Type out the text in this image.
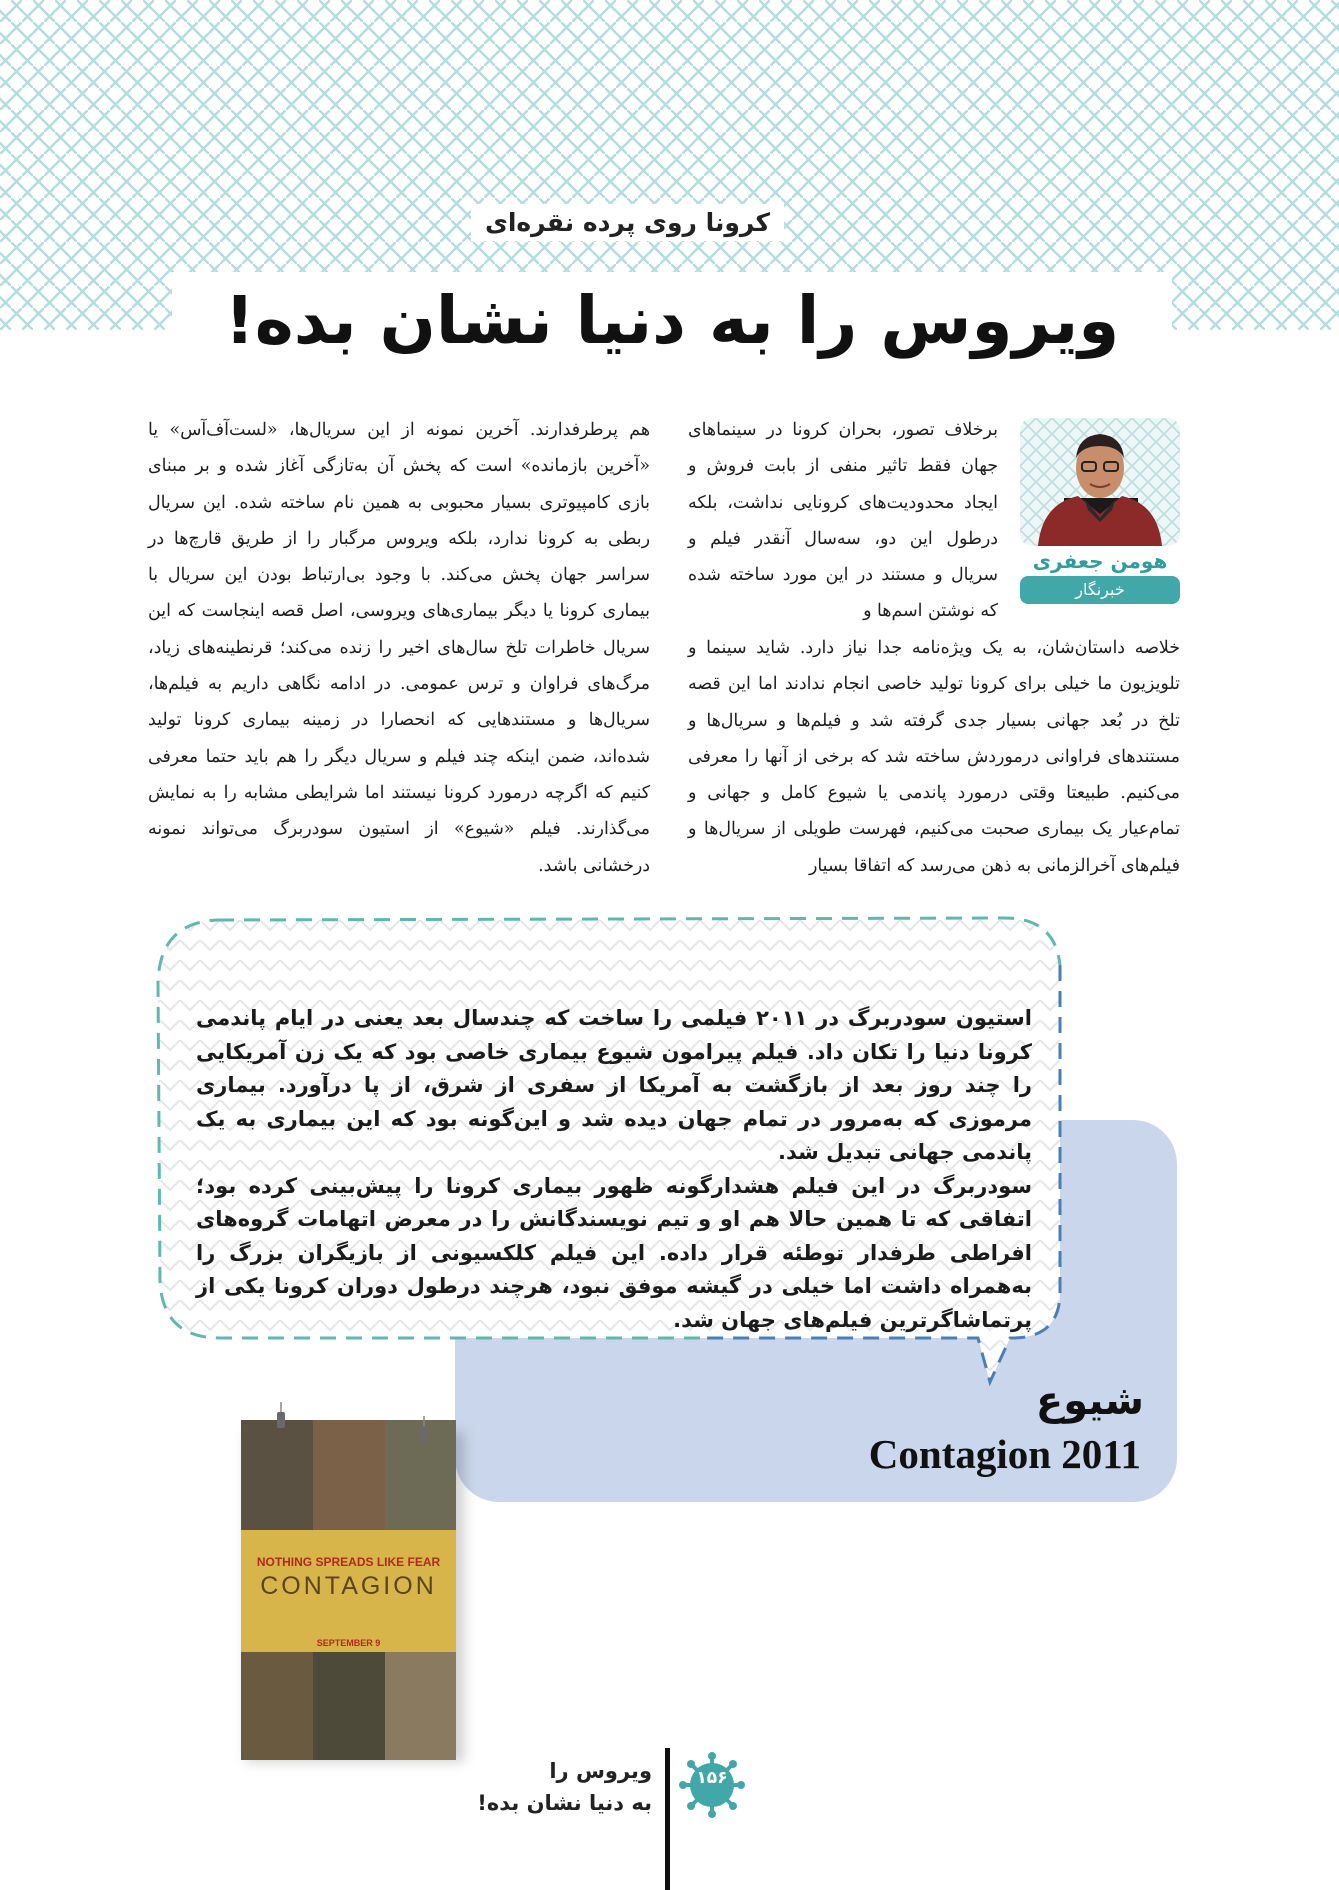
کرونا روی پرده نقره‌ای
ویروس را به دنیا نشان بده!
هومن جعفری
خبرنگار

برخلاف تصور، بحران کرونا در سینماهای جهان فقط تاثیر منفی از بابت فروش و ایجاد محدودیت‌های کرونایی نداشت، بلکه درطول این دو، سه‌سال آنقدر فیلم و سریال و مستند در این مورد ساخته شده که نوشتن اسم‌ها و

خلاصه داستان‌شان، به یک ویژه‌نامه جدا نیاز دارد. شاید سینما و تلویزیون ما خیلی برای کرونا تولید خاصی انجام ندادند اما این قصه تلخ در بُعد جهانی بسیار جدی گرفته شد و فیلم‌ها و سریال‌ها و مستندهای فراوانی درموردش ساخته شد که برخی از آنها را معرفی می‌کنیم. طبیعتا وقتی درمورد پاندمی یا شیوع کامل و جهانی و تمام‌عیار یک بیماری صحبت می‌کنیم، فهرست طویلی از سریال‌ها و فیلم‌های آخرالزمانی به ذهن می‌رسد که اتفاقا بسیار

هم پرطرفدارند. آخرین نمونه از این سریال‌ها، «لست‌آف‌آس» یا «آخرین بازمانده» است که پخش آن به‌تازگی آغاز شده و بر مبنای بازی کامپیوتری بسیار محبوبی به همین نام ساخته شده. این سریال ربطی به کرونا ندارد، بلکه ویروس مرگبار را از طریق قارچ‌ها در سراسر جهان پخش می‌کند. با وجود بی‌ارتباط بودن این سریال با بیماری کرونا یا دیگر بیماری‌های ویروسی، اصل قصه اینجاست که این سریال خاطرات تلخ سال‌های اخیر را زنده می‌کند؛ قرنطینه‌های زیاد، مرگ‌های فراوان و ترس عمومی. در ادامه نگاهی داریم به فیلم‌ها، سریال‌ها و مستندهایی که انحصارا در زمینه بیماری کرونا تولید شده‌اند، ضمن اینکه چند فیلم و سریال دیگر را هم باید حتما معرفی کنیم که اگرچه درمورد کرونا نیستند اما شرایطی مشابه را به نمایش می‌گذارند. فیلم «شیوع» از استیون سودربرگ می‌تواند نمونه درخشانی باشد.

استیون سودربرگ در ۲۰۱۱ فیلمی را ساخت که چندسال بعد یعنی در ایام پاندمی کرونا دنیا را تکان داد. فیلم پیرامون شیوع بیماری خاصی بود که یک زن آمریکایی را چند روز بعد از بازگشت به آمریکا از سفری از شرق، از پا درآورد. بیماری مرموزی که به‌مرور در تمام جهان دیده شد و این‌گونه بود که این بیماری به یک پاندمی جهانی تبدیل شد.

سودربرگ در این فیلم هشدارگونه ظهور بیماری کرونا را پیش‌بینی کرده بود؛ اتفاقی که تا همین حالا هم او و تیم نویسندگانش را در معرض اتهامات گروه‌های افراطی طرفدار توطئه قرار داده. این فیلم کلکسیونی از بازیگران بزرگ را به‌همراه داشت اما خیلی در گیشه موفق نبود، هرچند درطول دوران کرونا یکی از پرتماشاگرترین فیلم‌های جهان شد.

شیوع
Contagion 2011

NOTHING SPREADS LIKE FEAR
CONTAGION
SEPTEMBER 9
۱۵۶
ویروس را
به دنیا نشان بده!
